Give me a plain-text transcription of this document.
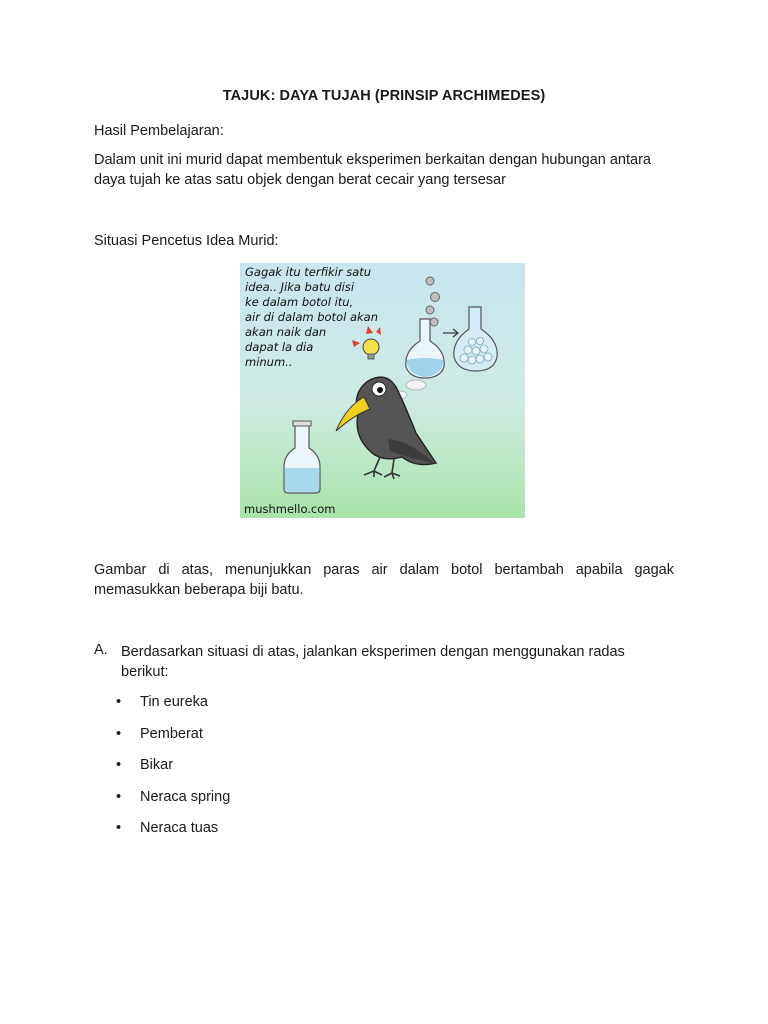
TAJUK: DAYA TUJAH (PRINSIP ARCHIMEDES)
Hasil Pembelajaran:
Dalam unit ini murid dapat membentuk eksperimen berkaitan dengan hubungan antara daya tujah ke atas satu objek dengan berat cecair yang tersesar
Situasi Pencetus Idea Murid:
Gagak itu terfikir satu
idea.. Jika batu disi
ke dalam botol itu,
air di dalam botol akan
akan naik dan
dapat la dia
minum..
mushmello.com
Gambar di atas, menunjukkan paras air dalam botol bertambah apabila gagak memasukkan beberapa biji batu.
A. Berdasarkan situasi di atas, jalankan eksperimen dengan menggunakan radas berikut:
• Tin eureka
• Pemberat
• Bikar
• Neraca spring
• Neraca tuas
